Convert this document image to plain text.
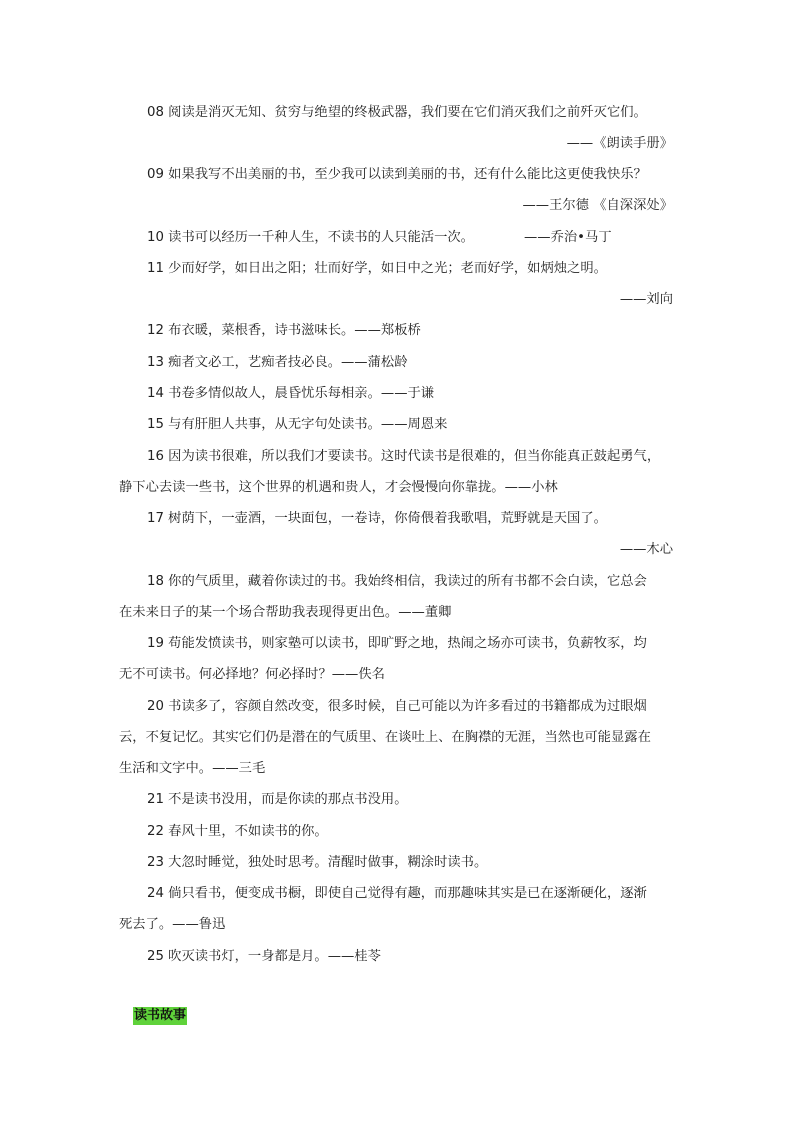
08 阅读是消灭无知、贫穷与绝望的终极武器，我们要在它们消灭我们之前歼灭它们。
——《朗读手册》
09 如果我写不出美丽的书，至少我可以读到美丽的书，还有什么能比这更使我快乐？
——王尔德 《自深深处》
10 读书可以经历一千种人生，不读书的人只能活一次。	——乔治•马丁
11 少而好学，如日出之阳；壮而好学，如日中之光；老而好学，如炳烛之明。
——刘向
12 布衣暖，菜根香，诗书滋味长。——郑板桥
13 痴者文必工，艺痴者技必良。——蒲松龄
14 书卷多情似故人，晨昏忧乐每相亲。——于谦
15 与有肝胆人共事，从无字句处读书。——周恩来
16 因为读书很难，所以我们才要读书。这时代读书是很难的，但当你能真正鼓起勇气，
静下心去读一些书，这个世界的机遇和贵人，才会慢慢向你靠拢。——小林
17 树荫下，一壶酒，一块面包，一卷诗，你倚偎着我歌唱，荒野就是天国了。
——木心
18 你的气质里，藏着你读过的书。我始终相信，我读过的所有书都不会白读，它总会
在未来日子的某一个场合帮助我表现得更出色。——董卿
19 苟能发愤读书，则家塾可以读书，即旷野之地，热闹之场亦可读书，负薪牧豕，均
无不可读书。何必择地？何必择时？——佚名
20 书读多了，容颜自然改变，很多时候，自己可能以为许多看过的书籍都成为过眼烟
云，不复记忆。其实它们仍是潜在的气质里、在谈吐上、在胸襟的无涯，当然也可能显露在
生活和文字中。——三毛
21 不是读书没用，而是你读的那点书没用。
22 春风十里，不如读书的你。
23 大忽时睡觉，独处时思考。清醒时做事，糊涂时读书。
24 倘只看书，便变成书橱，即使自己觉得有趣，而那趣味其实是已在逐渐硬化，逐渐
死去了。——鲁迅
25 吹灭读书灯，一身都是月。——桂苓
读书故事
